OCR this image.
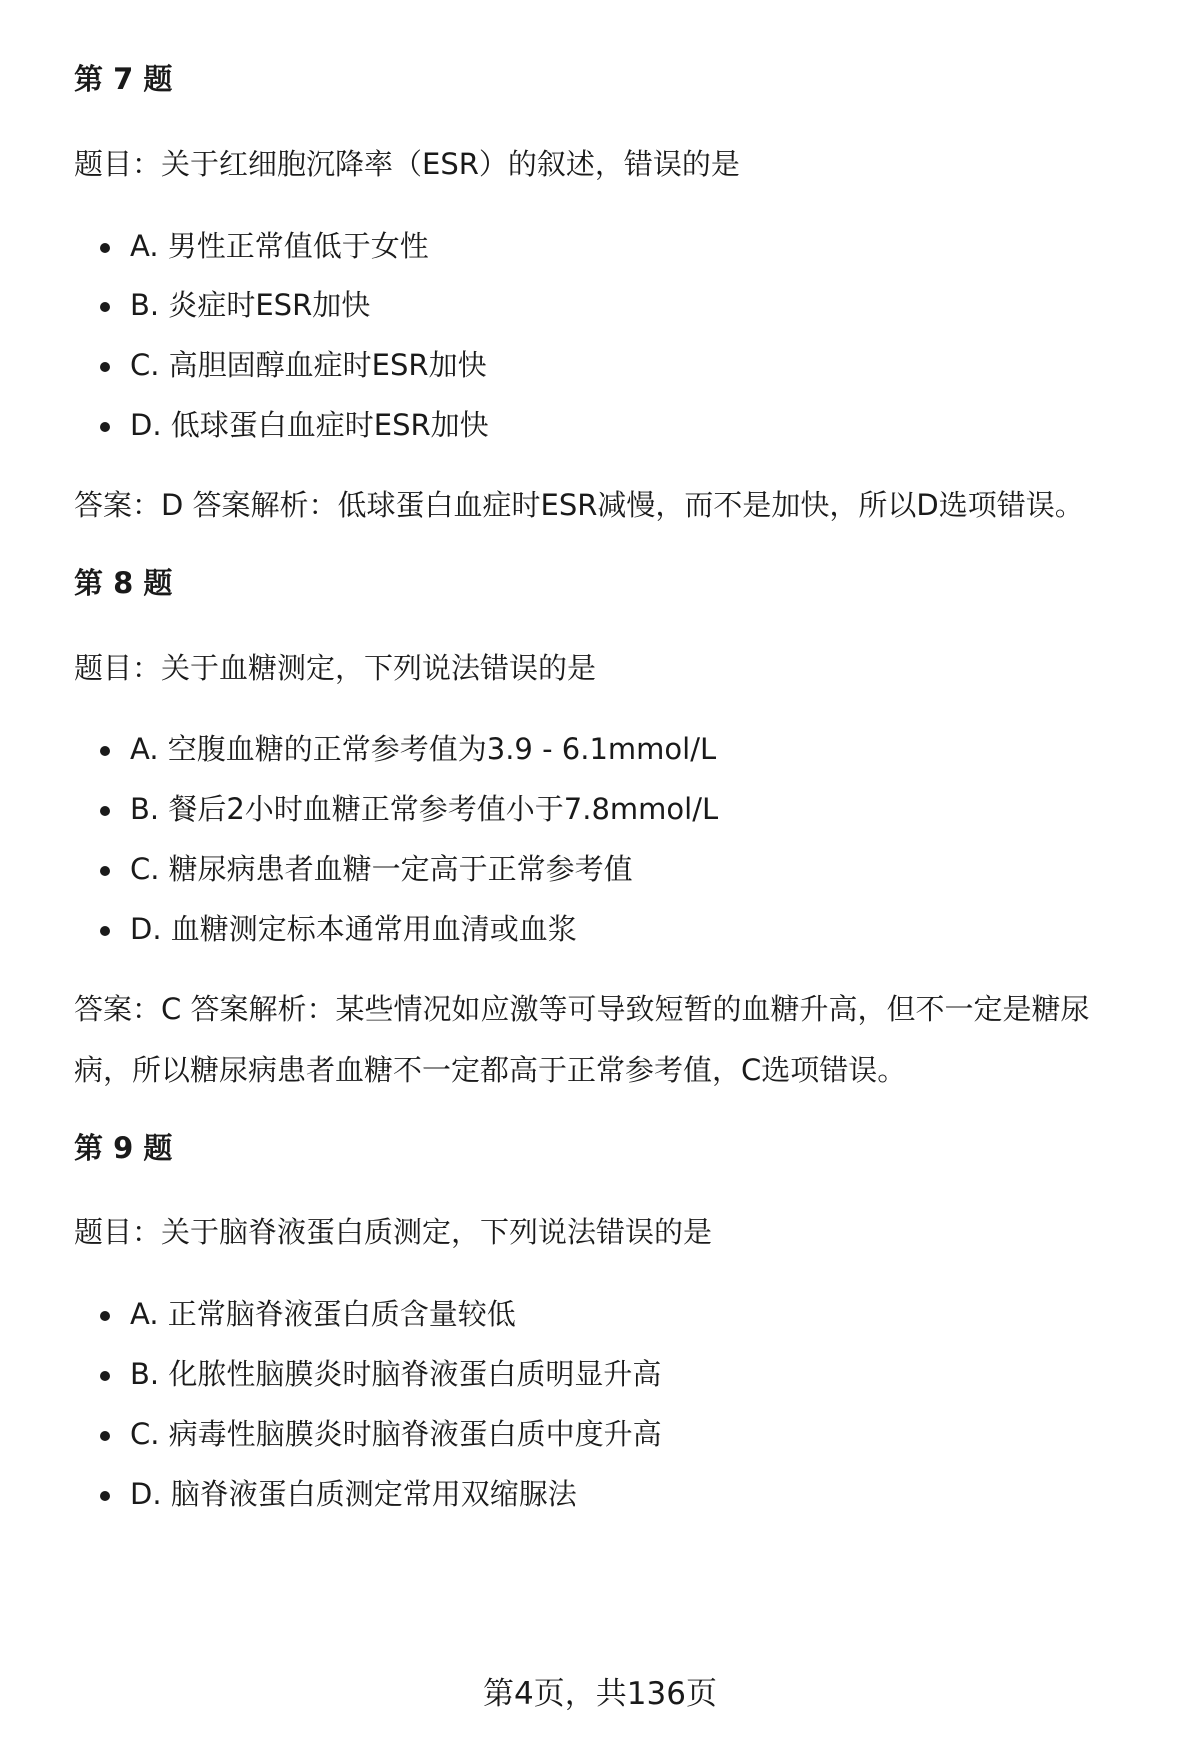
第 7 题
题目：关于红细胞沉降率（ESR）的叙述，错误的是
A. 男性正常值低于女性
B. 炎症时ESR加快
C. 高胆固醇血症时ESR加快
D. 低球蛋白血症时ESR加快
答案：D 答案解析：低球蛋白血症时ESR减慢，而不是加快，所以D选项错误。
第 8 题
题目：关于血糖测定，下列说法错误的是
A. 空腹血糖的正常参考值为3.9 - 6.1mmol/L
B. 餐后2小时血糖正常参考值小于7.8mmol/L
C. 糖尿病患者血糖一定高于正常参考值
D. 血糖测定标本通常用血清或血浆
答案：C 答案解析：某些情况如应激等可导致短暂的血糖升高，但不一定是糖尿病，所以糖尿病患者血糖不一定都高于正常参考值，C选项错误。
第 9 题
题目：关于脑脊液蛋白质测定，下列说法错误的是
A. 正常脑脊液蛋白质含量较低
B. 化脓性脑膜炎时脑脊液蛋白质明显升高
C. 病毒性脑膜炎时脑脊液蛋白质中度升高
D. 脑脊液蛋白质测定常用双缩脲法
第4页，共136页
